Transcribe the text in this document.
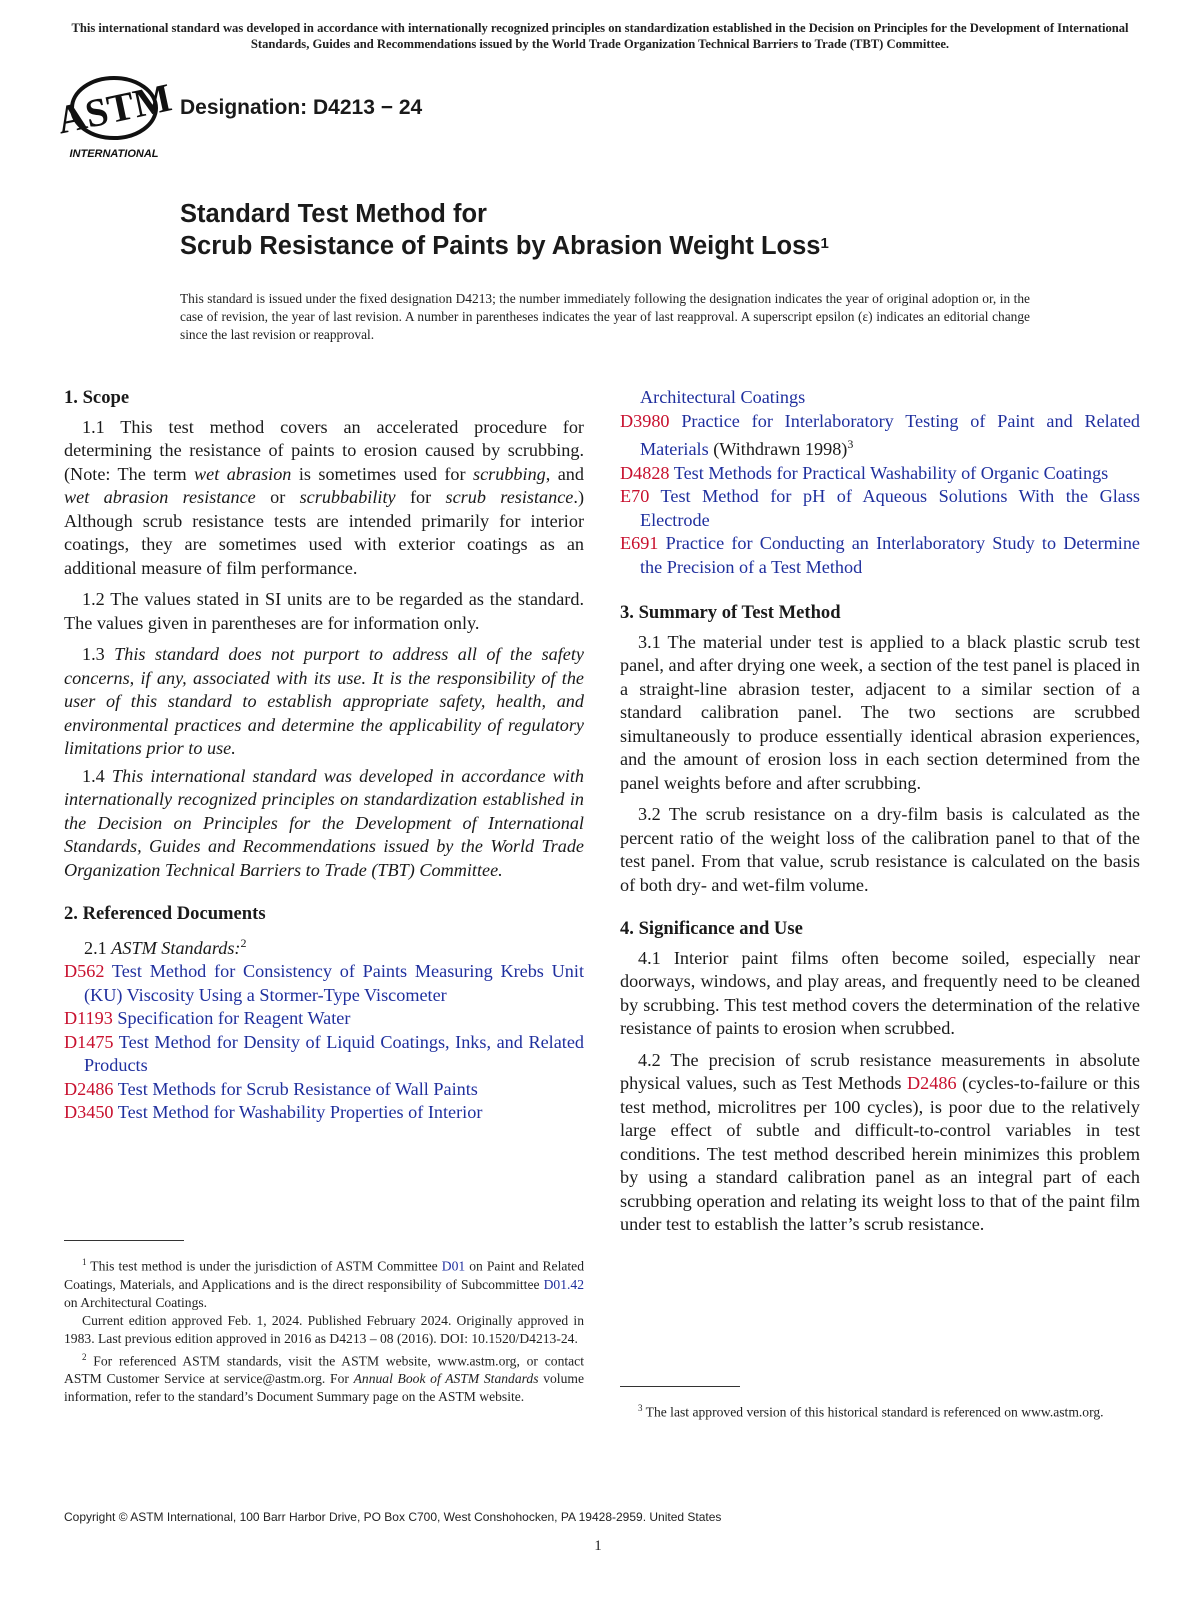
This international standard was developed in accordance with internationally recognized principles on standardization established in the Decision on Principles for the Development of International Standards, Guides and Recommendations issued by the World Trade Organization Technical Barriers to Trade (TBT) Committee.
ASTM
INTERNATIONAL
Designation: D4213 − 24
Standard Test Method for
Scrub Resistance of Paints by Abrasion Weight Loss$^1$
This standard is issued under the fixed designation D4213; the number immediately following the designation indicates the year of original adoption or, in the case of revision, the year of last revision. A number in parentheses indicates the year of last reapproval. A superscript epsilon (ε) indicates an editorial change since the last revision or reapproval.
1. Scope

1.1 This test method covers an accelerated procedure for determining the resistance of paints to erosion caused by scrubbing. (Note: The term wet abrasion is sometimes used for scrubbing, and wet abrasion resistance or scrubbability for scrub resistance.) Although scrub resistance tests are intended primarily for interior coatings, they are sometimes used with exterior coatings as an additional measure of film performance.

1.2 The values stated in SI units are to be regarded as the standard. The values given in parentheses are for information only.

1.3 This standard does not purport to address all of the safety concerns, if any, associated with its use. It is the responsibility of the user of this standard to establish appropriate safety, health, and environmental practices and determine the applicability of regulatory limitations prior to use.

1.4 This international standard was developed in accordance with internationally recognized principles on standardization established in the Decision on Principles for the Development of International Standards, Guides and Recommendations issued by the World Trade Organization Technical Barriers to Trade (TBT) Committee.

2. Referenced Documents

2.1 ASTM Standards:$^2$

D562 Test Method for Consistency of Paints Measuring Krebs Unit (KU) Viscosity Using a Stormer-Type Viscometer

D1193 Specification for Reagent Water

D1475 Test Method for Density of Liquid Coatings, Inks, and Related Products

D2486 Test Methods for Scrub Resistance of Wall Paints

D3450 Test Method for Washability Properties of Interior

Architectural Coatings

D3980 Practice for Interlaboratory Testing of Paint and Related Materials (Withdrawn 1998)$^3$

D4828 Test Methods for Practical Washability of Organic Coatings

E70 Test Method for pH of Aqueous Solutions With the Glass Electrode

E691 Practice for Conducting an Interlaboratory Study to Determine the Precision of a Test Method

3. Summary of Test Method

3.1 The material under test is applied to a black plastic scrub test panel, and after drying one week, a section of the test panel is placed in a straight-line abrasion tester, adjacent to a similar section of a standard calibration panel. The two sections are scrubbed simultaneously to produce essentially identical abrasion experiences, and the amount of erosion loss in each section determined from the panel weights before and after scrubbing.

3.2 The scrub resistance on a dry-film basis is calculated as the percent ratio of the weight loss of the calibration panel to that of the test panel. From that value, scrub resistance is calculated on the basis of both dry- and wet-film volume.

4. Significance and Use

4.1 Interior paint films often become soiled, especially near doorways, windows, and play areas, and frequently need to be cleaned by scrubbing. This test method covers the determination of the relative resistance of paints to erosion when scrubbed.

4.2 The precision of scrub resistance measurements in absolute physical values, such as Test Methods D2486 (cycles-to-failure or this test method, microlitres per 100 cycles), is poor due to the relatively large effect of subtle and difficult-to-control variables in test conditions. The test method described herein minimizes this problem by using a standard calibration panel as an integral part of each scrubbing operation and relating its weight loss to that of the paint film under test to establish the latter’s scrub resistance.

$^1$ This test method is under the jurisdiction of ASTM Committee D01 on Paint and Related Coatings, Materials, and Applications and is the direct responsibility of Subcommittee D01.42 on Architectural Coatings.

Current edition approved Feb. 1, 2024. Published February 2024. Originally approved in 1983. Last previous edition approved in 2016 as D4213 – 08 (2016). DOI: 10.1520/D4213-24.

$^2$ For referenced ASTM standards, visit the ASTM website, www.astm.org, or contact ASTM Customer Service at service@astm.org. For Annual Book of ASTM Standards volume information, refer to the standard’s Document Summary page on the ASTM website.

$^3$ The last approved version of this historical standard is referenced on www.astm.org.

Copyright © ASTM International, 100 Barr Harbor Drive, PO Box C700, West Conshohocken, PA 19428-2959. United States
1
